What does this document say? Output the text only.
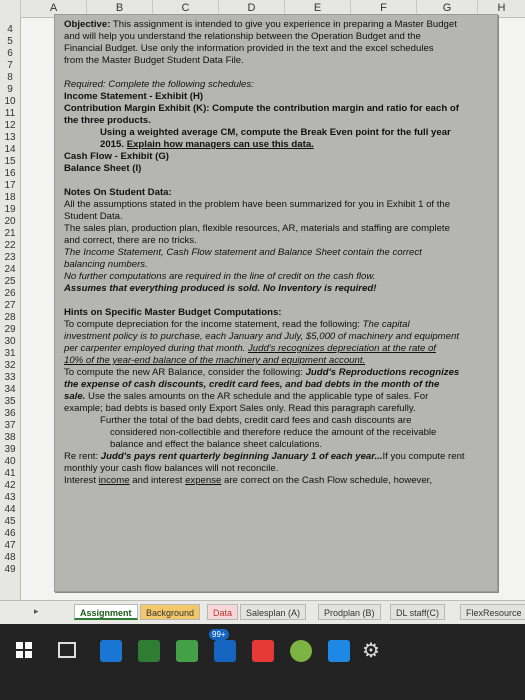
A	B	C	D	E	F	G	H
4
5
6
7
8
9
10
11
12
13
14
15
16
17
18
19
20
21
22
23
24
25
26
27
28
29
30
31
32
33
34
35
36
37
38
39
40
41
42
43
44
45
46
47
48
49
Objective: This assignment is intended to give you experience in preparing a Master Budget
and will help you understand the relationship between the Operation Budget and the
Financial Budget. Use only the information provided in the text and the excel schedules
from the Master Budget Student Data File.
Required: Complete the following schedules:
Income Statement - Exhibit (H)
Contribution Margin Exhibit (K): Compute the contribution margin and ratio for each of
the three products.
Using a weighted average CM, compute the Break Even point for the full year
2015. Explain how managers can use this data.
Cash Flow - Exhibit (G)
Balance Sheet (I)
Notes On Student Data:
All the assumptions stated in the problem have been summarized for you in Exhibit 1 of the
Student Data.
The sales plan, production plan, flexible resources, AR, materials and staffing are complete
and correct, there are no tricks.
The Income Statement, Cash Flow statement and Balance Sheet contain the correct
balancing numbers.
No further computations are required in the line of credit on the cash flow.
Assumes that everything produced is sold. No Inventory is required!
Hints on Specific Master Budget Computations:
To compute depreciation for the income statement, read the following: The capital
investment policy is to purchase, each January and July, $5,000 of machinery and equipment
per carpenter employed during that month. Judd's recognizes depreciation at the rate of
10% of the year-end balance of the machinery and equipment account.
To compute the new AR Balance, consider the following: Judd's Reproductions recognizes
the expense of cash discounts, credit card fees, and bad debts in the month of the
sale. Use the sales amounts on the AR schedule and the applicable type of sales. For
example; bad debts is based only Export Sales only. Read this paragraph carefully.
Further the total of the bad debts, credit card fees and cash discounts are
considered non-collectible and therefore reduce the amount of the receivable
balance and effect the balance sheet calculations.
Re rent: Judd's pays rent quarterly beginning January 1 of each year...If you compute rent
monthly your cash flow balances will not reconcile.
Interest income and interest expense are correct on the Cash Flow schedule, however,
▸	Assignment	Background	Data	Salesplan (A)	Prodplan (B)	DL staff(C)	FlexResource
99+
⚙
